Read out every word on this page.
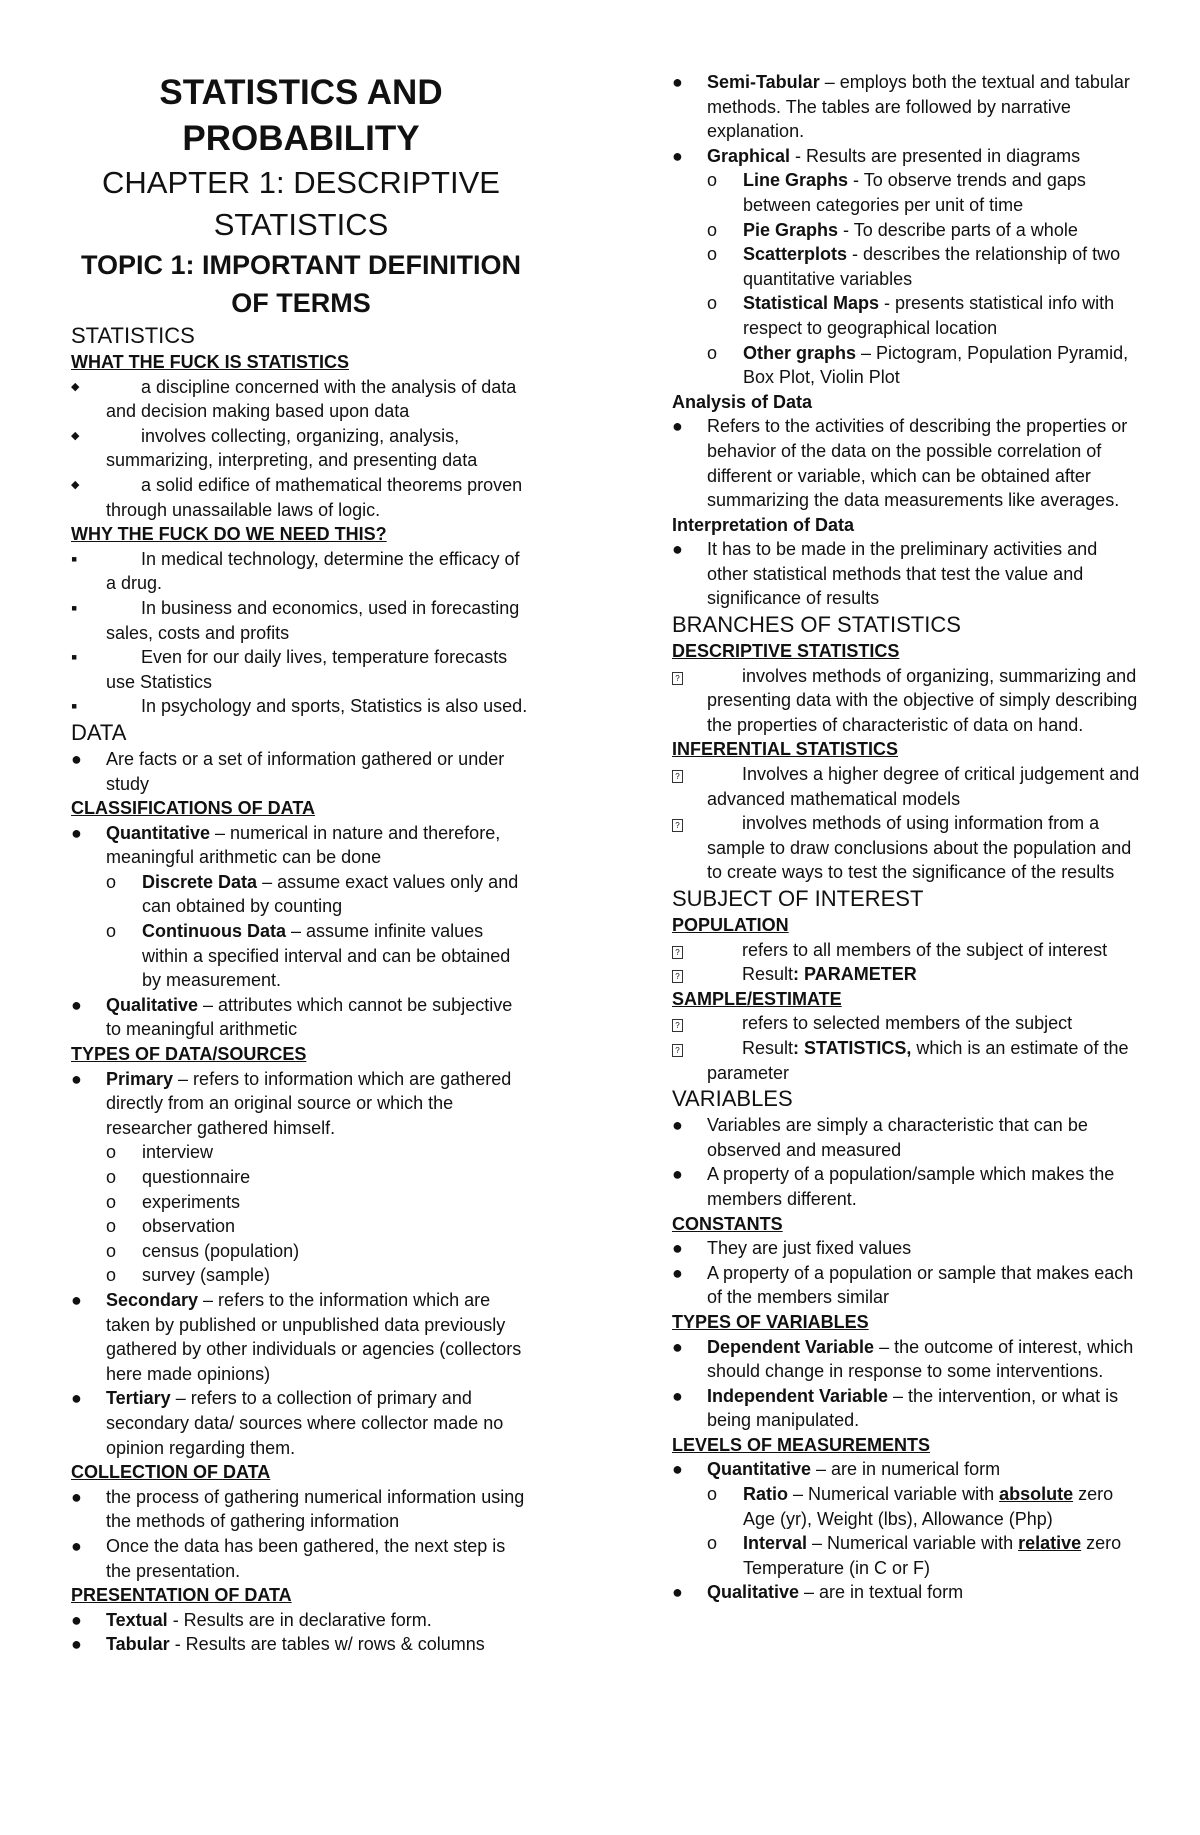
STATISTICS AND PROBABILITY

CHAPTER 1: DESCRIPTIVE STATISTICS

TOPIC 1: IMPORTANT DEFINITION OF TERMS

STATISTICS

WHAT THE FUCK IS STATISTICS

◆	a discipline concerned with the analysis of data and decision making based upon data
◆	involves collecting, organizing, analysis, summarizing, interpreting, and presenting data
◆	a solid edifice of mathematical theorems proven through unassailable laws of logic.

WHY THE FUCK DO WE NEED THIS?

▪	In medical technology, determine the efficacy of a drug.
▪	In business and economics, used in forecasting sales, costs and profits
▪	Even for our daily lives, temperature forecasts use Statistics
▪	In psychology and sports, Statistics is also used.

DATA

●	Are facts or a set of information gathered or under study

CLASSIFICATIONS OF DATA

●	Quantitative – numerical in nature and therefore, meaningful arithmetic can be done
o	Discrete Data – assume exact values only and can obtained by counting
o	Continuous Data – assume infinite values within a specified interval and can be obtained by measurement.
●	Qualitative – attributes which cannot be subjective to meaningful arithmetic

TYPES OF DATA/SOURCES

●	Primary – refers to information which are gathered directly from an original source or which the researcher gathered himself.
o	interview
o	questionnaire
o	experiments
o	observation
o	census (population)
o	survey (sample)
●	Secondary – refers to the information which are taken by published or unpublished data previously gathered by other individuals or agencies (collectors here made opinions)
●	Tertiary – refers to a collection of primary and secondary data/ sources where collector made no opinion regarding them.

COLLECTION OF DATA

●	the process of gathering numerical information using the methods of gathering information
●	Once the data has been gathered, the next step is the presentation.

PRESENTATION OF DATA

●	Textual - Results are in declarative form.
●	Tabular - Results are tables w/ rows & columns
●	Semi-Tabular – employs both the textual and tabular methods. The tables are followed by narrative explanation.
●	Graphical - Results are presented in diagrams
o	Line Graphs - To observe trends and gaps between categories per unit of time
o	Pie Graphs - To describe parts of a whole
o	Scatterplots - describes the relationship of two quantitative variables
o	Statistical Maps - presents statistical info with respect to geographical location
o	Other graphs – Pictogram, Population Pyramid, Box Plot, Violin Plot

Analysis of Data

●	Refers to the activities of describing the properties or behavior of the data on the possible correlation of different or variable, which can be obtained after summarizing the data measurements like averages.

Interpretation of Data

●	It has to be made in the preliminary activities and other statistical methods that test the value and significance of results

BRANCHES OF STATISTICS

DESCRIPTIVE STATISTICS

?	involves methods of organizing, summarizing and presenting data with the objective of simply describing the properties of characteristic of data on hand.

INFERENTIAL STATISTICS

?	Involves a higher degree of critical judgement and advanced mathematical models
?	involves methods of using information from a sample to draw conclusions about the population and to create ways to test the significance of the results

SUBJECT OF INTEREST

POPULATION

?	refers to all members of the subject of interest
?	Result: PARAMETER

SAMPLE/ESTIMATE

?	refers to selected members of the subject
?	Result: STATISTICS, which is an estimate of the parameter

VARIABLES

●	Variables are simply a characteristic that can be observed and measured
●	A property of a population/sample which makes the members different.

CONSTANTS

●	They are just fixed values
●	A property of a population or sample that makes each of the members similar

TYPES OF VARIABLES

●	Dependent Variable – the outcome of interest, which should change in response to some interventions.
●	Independent Variable – the intervention, or what is being manipulated.

LEVELS OF MEASUREMENTS

●	Quantitative – are in numerical form
o	Ratio – Numerical variable with absolute zero Age (yr), Weight (lbs), Allowance (Php)
o	Interval – Numerical variable with relative zero Temperature (in C or F)
●	Qualitative – are in textual form
